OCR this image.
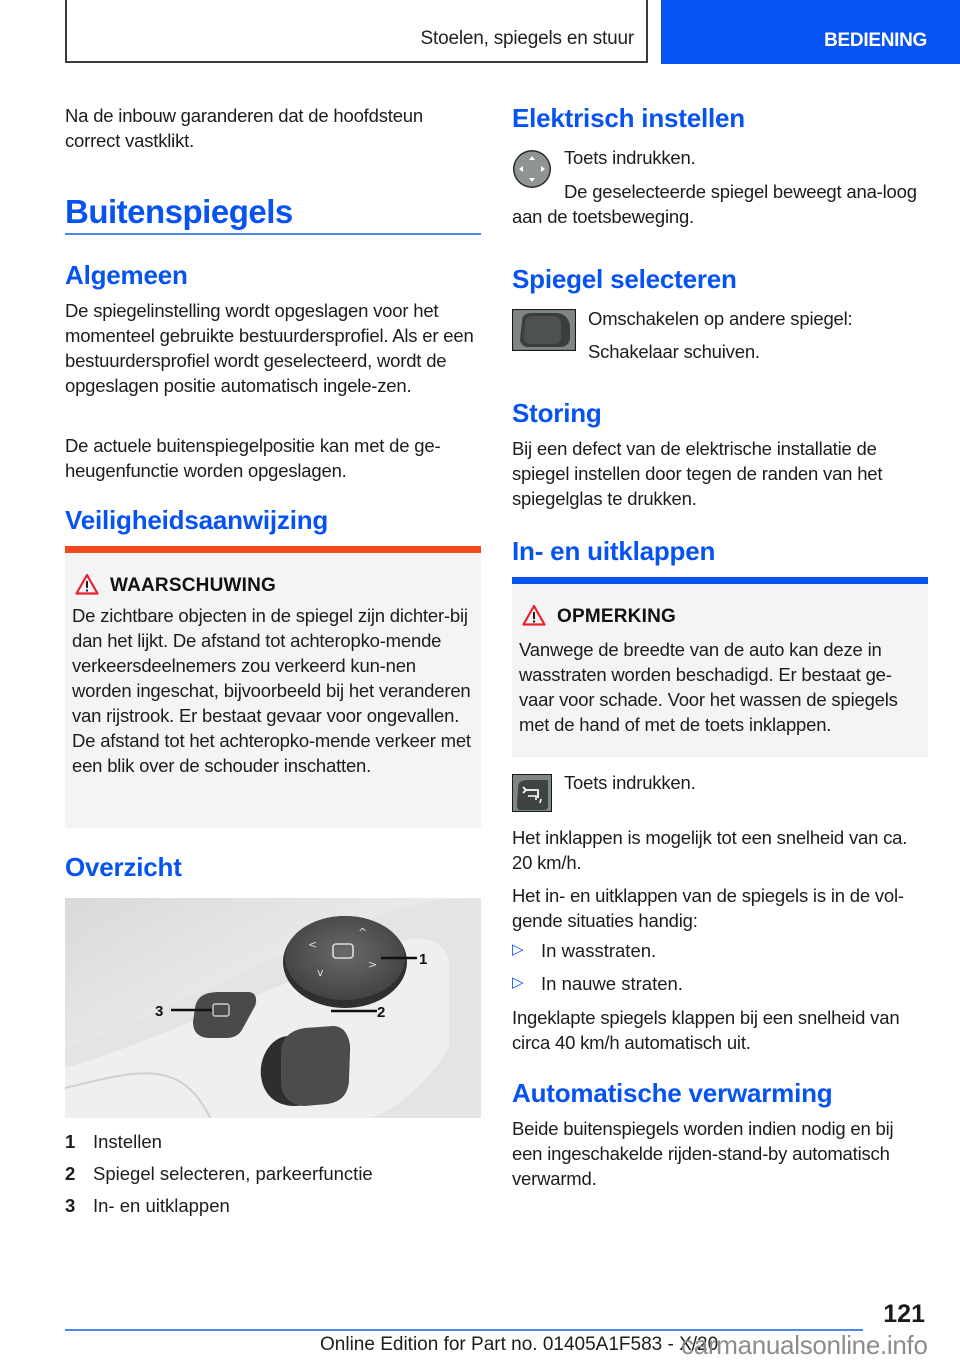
Stoelen, spiegels en stuur	BEDIENING

Na de inbouw garanderen dat de hoofdsteun correct vastklikt.

Buitenspiegels
Algemeen

De spiegelinstelling wordt opgeslagen voor het momenteel gebruikte bestuurdersprofiel. Als er een bestuurdersprofiel wordt geselecteerd, wordt de opgeslagen positie automatisch ingele-zen.

De actuele buitenspiegelpositie kan met de ge-heugenfunctie worden opgeslagen.

Veiligheidsaanwijzing
WAARSCHUWING

De zichtbare objecten in de spiegel zijn dichter-bij dan het lijkt. De afstand tot achteropko-mende verkeersdeelnemers zou verkeerd kun-nen worden ingeschat, bijvoorbeeld bij het veranderen van rijstrook. Er bestaat gevaar voor ongevallen. De afstand tot het achteropko-mende verkeer met een blik over de schouder inschatten.

Overzicht
<
^
>
v
1
3	2
1 Instellen
2 Spiegel selecteren, parkeerfunctie
3 In- en uitklappen
Elektrisch instellen

Toets indrukken.

De geselecteerde spiegel beweegt ana-loog aan de toetsbeweging.

Spiegel selecteren

Omschakelen op andere spiegel:

Schakelaar schuiven.

Storing

Bij een defect van de elektrische installatie de spiegel instellen door tegen de randen van het spiegelglas te drukken.

In- en uitklappen
OPMERKING

Vanwege de breedte van de auto kan deze in wasstraten worden beschadigd. Er bestaat ge-vaar voor schade. Voor het wassen de spiegels met de hand of met de toets inklappen.

Toets indrukken.

Het inklappen is mogelijk tot een snelheid van ca. 20 km/h.

Het in- en uitklappen van de spiegels is in de vol-gende situaties handig:

▷ In wasstraten.
▷ In nauwe straten.

Ingeklapte spiegels klappen bij een snelheid van circa 40 km/h automatisch uit.

Automatische verwarming

Beide buitenspiegels worden indien nodig en bij een ingeschakelde rijden-stand-by automatisch verwarmd.

121
Online Edition for Part no. 01405A1F583 - X/20
carmanualsonline.info
